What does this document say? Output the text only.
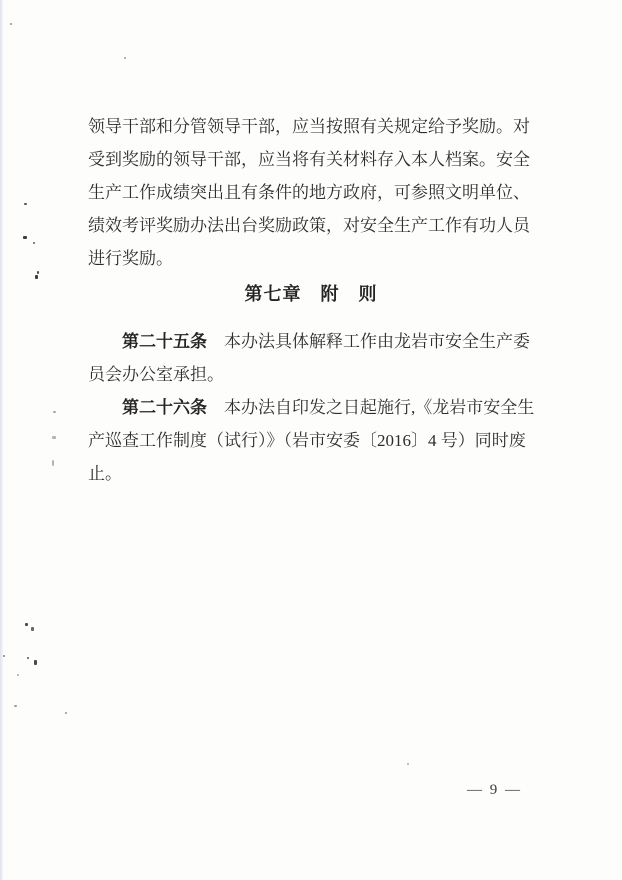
领导干部和分管领导干部，应当按照有关规定给予奖励。对
受到奖励的领导干部，应当将有关材料存入本人档案。安全
生产工作成绩突出且有条件的地方政府，可参照文明单位、
绩效考评奖励办法出台奖励政策，对安全生产工作有功人员
进行奖励。
第七章　附　则
第二十五条　本办法具体解释工作由龙岩市安全生产委
员会办公室承担。
第二十六条　本办法自印发之日起施行,《龙岩市安全生
产巡查工作制度（试行）》（岩市安委〔2016〕4 号）同时废
止。
— 9 —
